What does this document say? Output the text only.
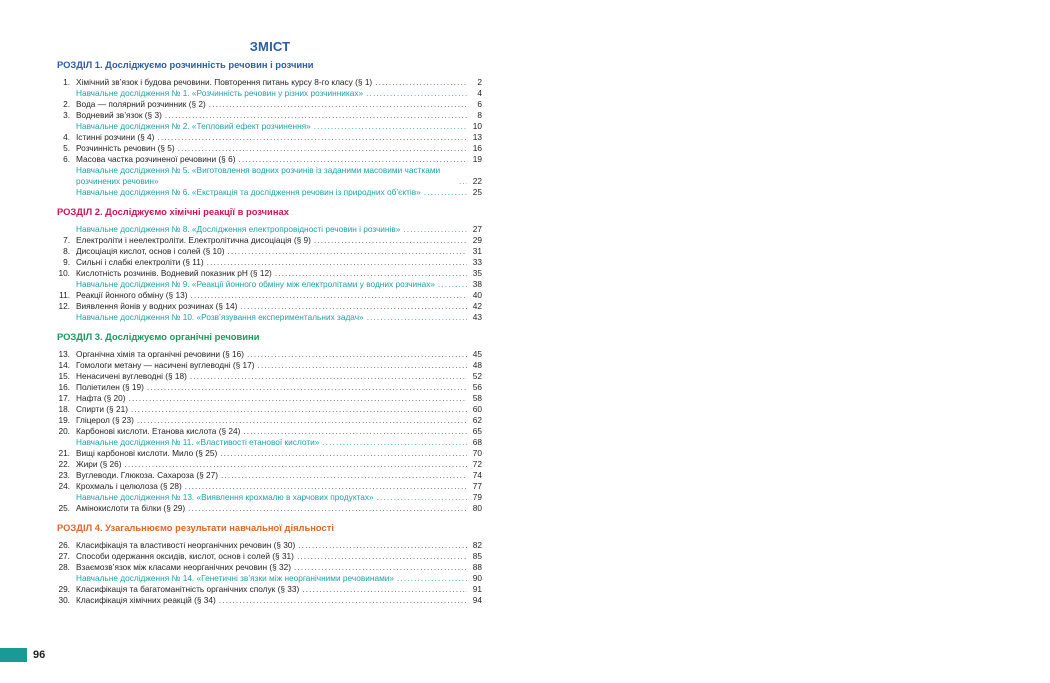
ЗМІСТ
РОЗДІЛ 1. Досліджуємо розчинність речовин і розчини
1. Хімічний зв’язок і будова речовини. Повторення питань курсу 8-го класу (§ 1) . . .	2
Навчальне дослідження № 1. «Розчинність речовин у різних розчинниках» . . .	4
2. Вода — полярний розчинник (§ 2) . . .	6
3. Водневий зв’язок (§ 3) . . .	8
Навчальне дослідження № 2. «Тепловий ефект розчинення» . . .	10
4. Істинні розчини (§ 4) . . .	13
5. Розчинність речовин (§ 5) . . .	16
6. Масова частка розчиненої речовини (§ 6) . . .	19
Навчальне дослідження № 5. «Виготовлення водних розчинів із заданими масовими частками розчинених речовин» . . .	22
Навчальне дослідження № 6. «Екстракція та дослідження речовин із природних об’єктів» . . .	25
РОЗДІЛ 2. Досліджуємо хімічні реакції в розчинах
Навчальне дослідження № 8. «Дослідження електропровідності речовин і розчинів» . . .	27
7. Електроліти і неелектроліти. Електролітична дисоціація (§ 9) . . .	29
8. Дисоціація кислот, основ і солей (§ 10) . . .	31
9. Сильні і слабкі електроліти (§ 11) . . .	33
10. Кислотність розчинів. Водневий показник pH (§ 12) . . .	35
Навчальне дослідження № 9. «Реакції йонного обміну між електролітами у водних розчинах» . . .	38
11. Реакції йонного обміну (§ 13) . . .	40
12. Виявлення йонів у водних розчинах (§ 14) . . .	42
Навчальне дослідження № 10. «Розв’язування експериментальних задач» . . .	43
РОЗДІЛ 3. Досліджуємо органічні речовини
13. Органічна хімія та органічні речовини (§ 16) . . .	45
14. Гомологи метану — насичені вуглеводні (§ 17) . . .	48
15. Ненасичені вуглеводні (§ 18) . . .	52
16. Поліетилен (§ 19) . . .	56
17. Нафта (§ 20) . . .	58
18. Спирти (§ 21) . . .	60
19. Гліцерол (§ 23) . . .	62
20. Карбонові кислоти. Етанова кислота (§ 24) . . .	65
Навчальне дослідження № 11. «Властивості етанової кислоти» . . .	68
21. Вищі карбонові кислоти. Мило (§ 25) . . .	70
22. Жири (§ 26) . . .	72
23. Вуглеводи. Глюкоза. Сахароза (§ 27) . . .	74
24. Крохмаль і целюлоза (§ 28) . . .	77
Навчальне дослідження № 13. «Виявлення крохмалю в харчових продуктах» . . .	79
25. Амінокислоти та білки (§ 29) . . .	80
РОЗДІЛ 4. Узагальнюємо результати навчальної діяльності
26. Класифікація та властивості неорганічних речовин (§ 30) . . .	82
27. Способи одержання оксидів, кислот, основ і солей (§ 31) . . .	85
28. Взаємозв’язок між класами неорганічних речовин (§ 32) . . .	88
Навчальне дослідження № 14. «Генетичні зв’язки між неорганічними речовинами» . . .	90
29. Класифікація та багатоманітність органічних сполук (§ 33) . . .	91
30. Класифікація хімічних реакцій (§ 34) . . .	94
96
